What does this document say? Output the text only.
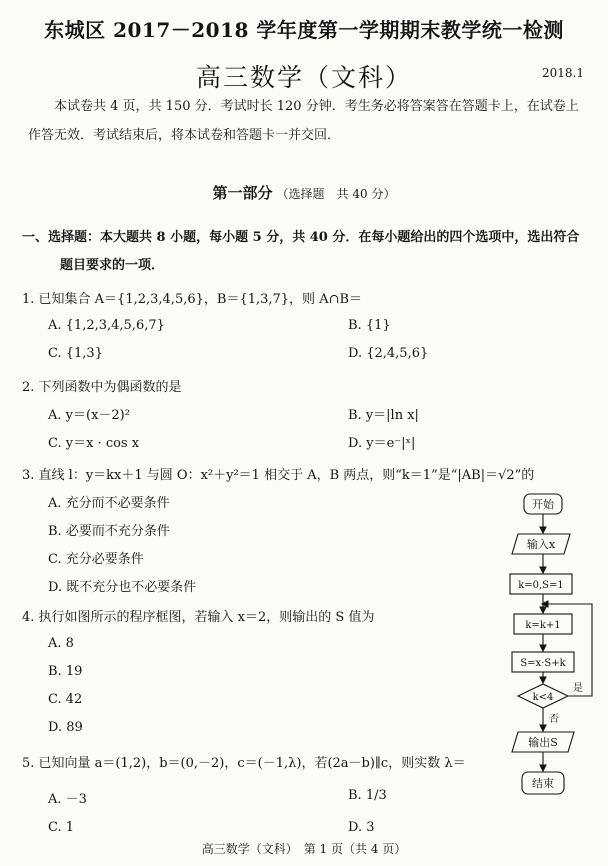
东城区 2017－2018 学年度第一学期期末教学统一检测
高三数学（文科）	2018.1
本试卷共 4 页，共 150 分．考试时长 120 分钟．考生务必将答案答在答题卡上，在试卷上作答无效．考试结束后，将本试卷和答题卡一并交回．
第一部分 （选择题　共 40 分）
一、选择题：本大题共 8 小题，每小题 5 分，共 40 分．在每小题给出的四个选项中，选出符合
题目要求的一项．
1. 已知集合 A＝{1,2,3,4,5,6}，B＝{1,3,7}，则 A∩B＝
A. {1,2,3,4,5,6,7}	B. {1}
C. {1,3}	D. {2,4,5,6}
2. 下列函数中为偶函数的是
A. y＝(x－2)²	B. y＝|ln x|
C. y＝x · cos x	D. y＝e⁻|ˣ|
3. 直线 l：y＝kx＋1 与圆 O：x²＋y²＝1 相交于 A，B 两点，则“k＝1”是“|AB|＝√2”的
A. 充分而不必要条件
B. 必要而不充分条件
C. 充分必要条件
D. 既不充分也不必要条件
4. 执行如图所示的程序框图，若输入 x＝2，则输出的 S 值为
A. 8
B. 19
C. 42
D. 89
5. 已知向量 a＝(1,2)，b＝(0,－2)，c＝(－1,λ)，若(2a－b)∥c，则实数 λ＝
A. －3	B. 1/3
C. 1	D. 3
开始
输入x
k=0,S=1
k=k+1
S=x·S+k
k<4
是
否
输出S
结束
高三数学（文科）　第 1 页（共 4 页）
